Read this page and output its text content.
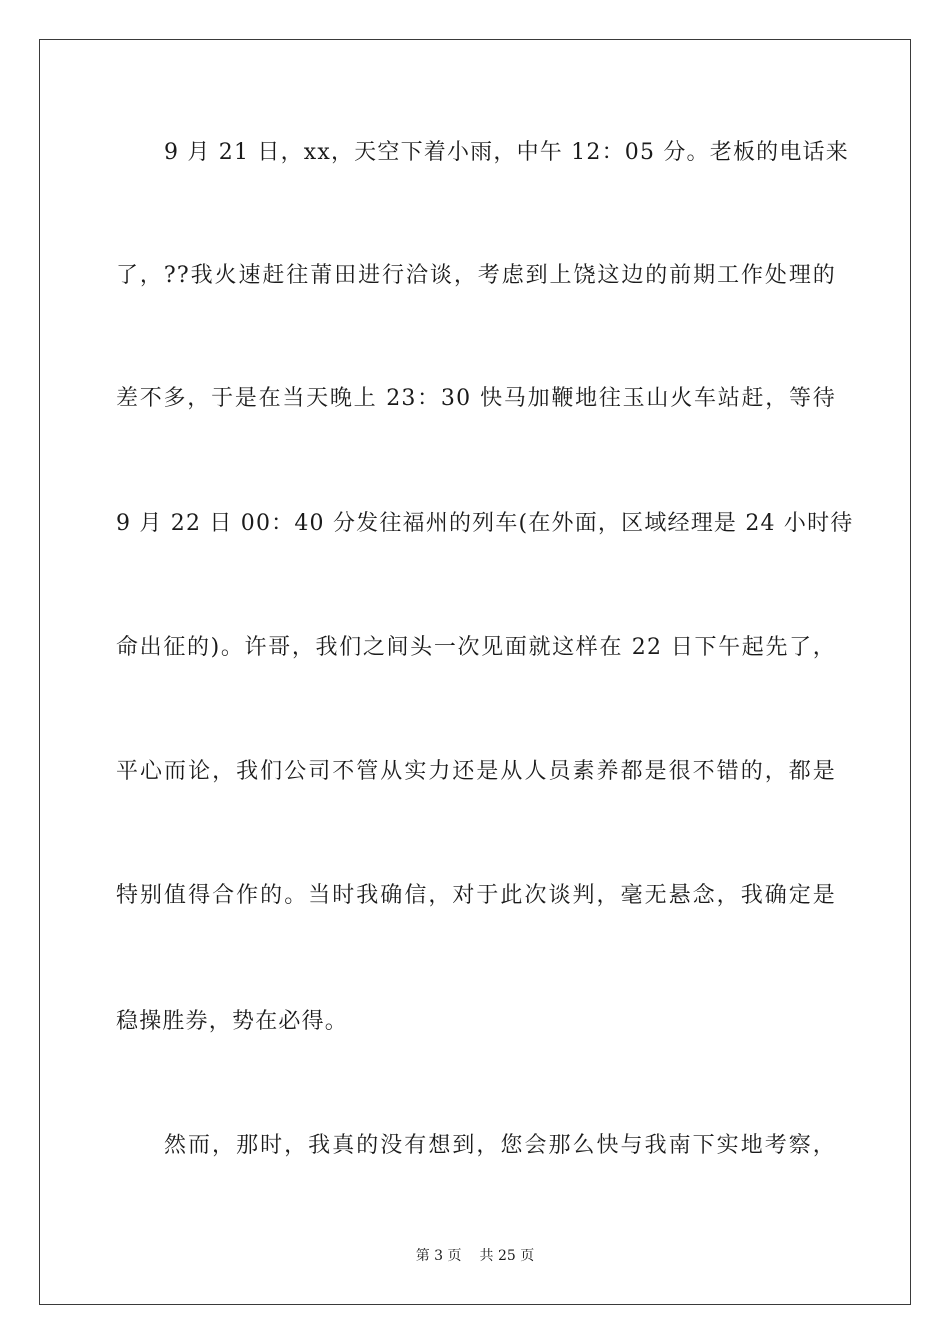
9 月 21 日，xx，天空下着小雨，中午 12：05 分。老板的电话来
了，??我火速赶往莆田进行洽谈，考虑到上饶这边的前期工作处理的
差不多，于是在当天晚上 23：30 快马加鞭地往玉山火车站赶，等待
9 月 22 日 00：40 分发往福州的列车(在外面，区域经理是 24 小时待
命出征的)。许哥，我们之间头一次见面就这样在 22 日下午起先了，
平心而论，我们公司不管从实力还是从人员素养都是很不错的，都是
特别值得合作的。当时我确信，对于此次谈判，毫无悬念，我确定是
稳操胜券，势在必得。
然而，那时，我真的没有想到，您会那么快与我南下实地考察，
第 3 页 共 25 页
